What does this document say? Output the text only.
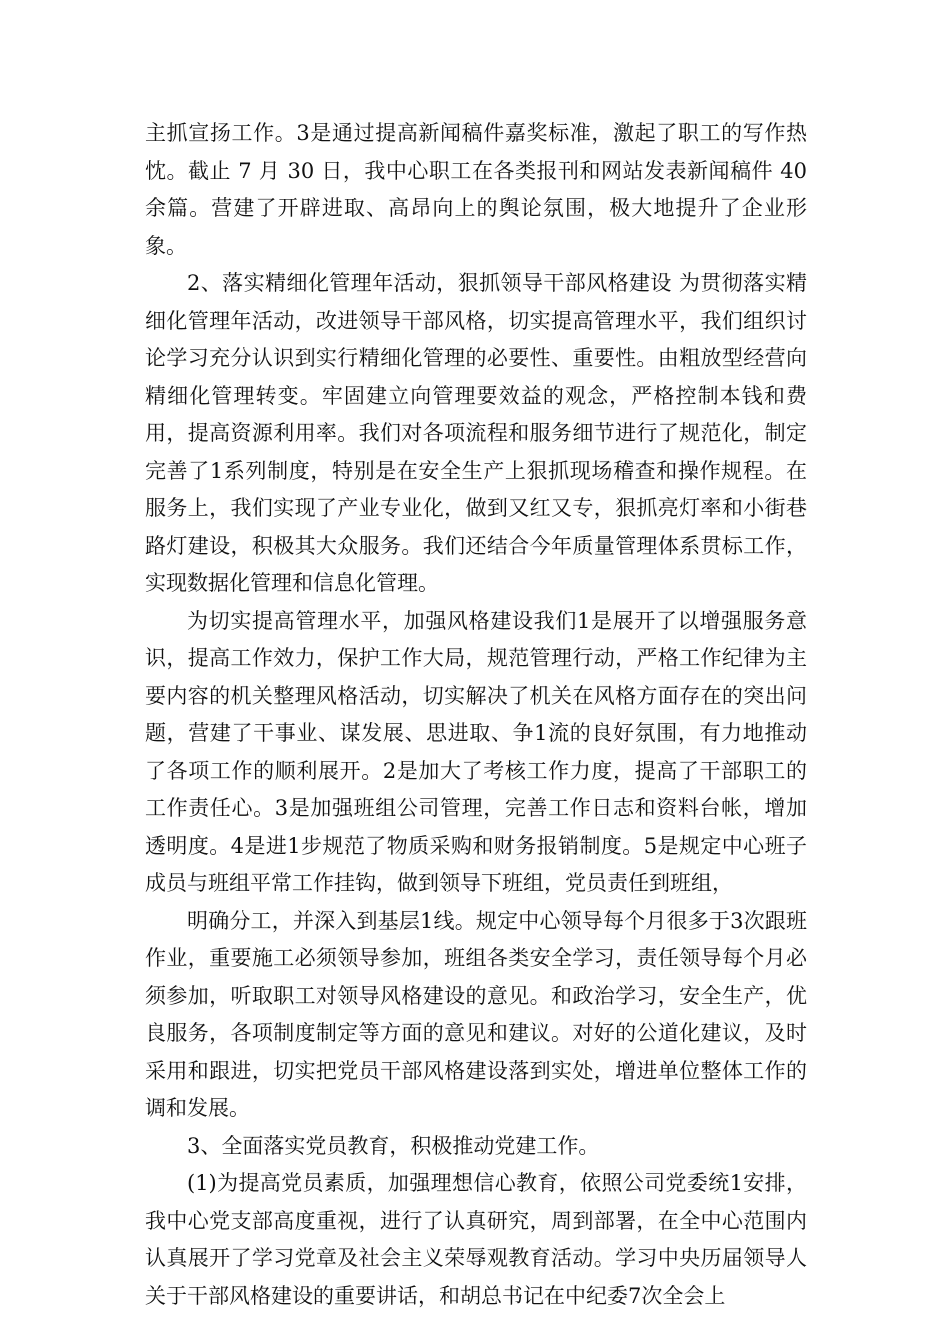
主抓宣扬工作。3是通过提高新闻稿件嘉奖标准，激起了职工的写作热忱。截止 7 月 30 日，我中心职工在各类报刊和网站发表新闻稿件 40 余篇。营建了开辟进取、高昂向上的舆论氛围，极大地提升了企业形象。

2、落实精细化管理年活动，狠抓领导干部风格建设 为贯彻落实精细化管理年活动，改进领导干部风格，切实提高管理水平，我们组织讨论学习充分认识到实行精细化管理的必要性、重要性。由粗放型经营向精细化管理转变。牢固建立向管理要效益的观念，严格控制本钱和费用，提高资源利用率。我们对各项流程和服务细节进行了规范化，制定完善了1系列制度，特别是在安全生产上狠抓现场稽查和操作规程。在服务上，我们实现了产业专业化，做到又红又专，狠抓亮灯率和小街巷路灯建设，积极其大众服务。我们还结合今年质量管理体系贯标工作，实现数据化管理和信息化管理。

为切实提高管理水平，加强风格建设我们1是展开了以增强服务意识，提高工作效力，保护工作大局，规范管理行动，严格工作纪律为主要内容的机关整理风格活动，切实解决了机关在风格方面存在的突出问题，营建了干事业、谋发展、思进取、争1流的良好氛围，有力地推动了各项工作的顺利展开。2是加大了考核工作力度，提高了干部职工的工作责任心。3是加强班组公司管理，完善工作日志和资料台帐，增加透明度。4是进1步规范了物质采购和财务报销制度。5是规定中心班子成员与班组平常工作挂钩，做到领导下班组，党员责任到班组，

明确分工，并深入到基层1线。规定中心领导每个月很多于3次跟班作业，重要施工必须领导参加，班组各类安全学习，责任领导每个月必须参加，听取职工对领导风格建设的意见。和政治学习，安全生产，优良服务，各项制度制定等方面的意见和建议。对好的公道化建议，及时采用和跟进，切实把党员干部风格建设落到实处，增进单位整体工作的调和发展。

3、全面落实党员教育，积极推动党建工作。

(1)为提高党员素质，加强理想信心教育，依照公司党委统1安排，我中心党支部高度重视，进行了认真研究，周到部署，在全中心范围内认真展开了学习党章及社会主义荣辱观教育活动。学习中央历届领导人关于干部风格建设的重要讲话，和胡总书记在中纪委7次全会上
